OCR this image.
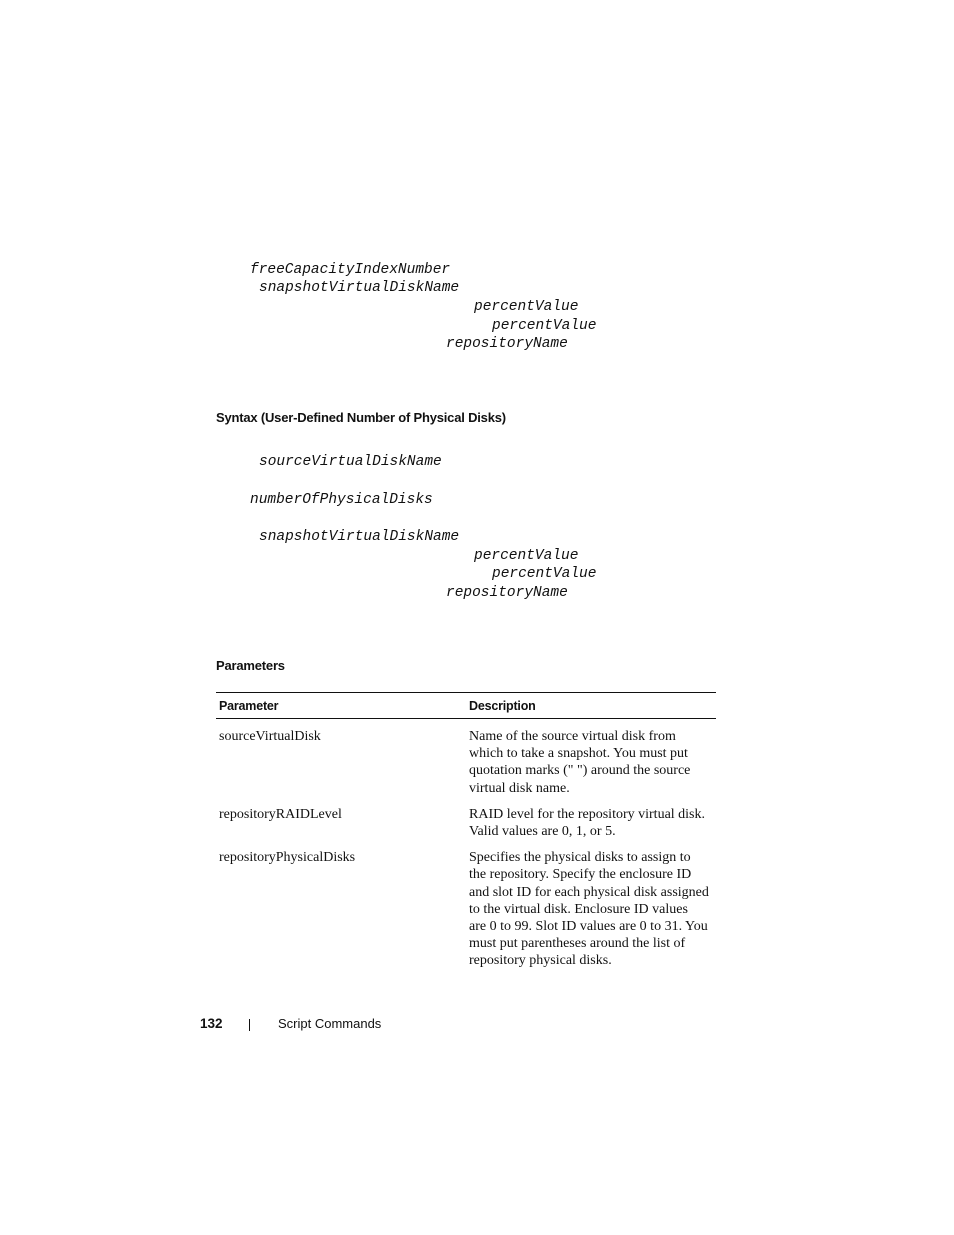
freeCapacityIndexNumber
snapshotVirtualDiskName
percentValue
percentValue
repositoryName
Syntax (User-Defined Number of Physical Disks)
sourceVirtualDiskName
numberOfPhysicalDisks
snapshotVirtualDiskName
percentValue
percentValue
repositoryName
Parameters
Parameter	Description
sourceVirtualDisk	Name of the source virtual disk from
which to take a snapshot. You must put
quotation marks (" ") around the source
virtual disk name.
repositoryRAIDLevel	RAID level for the repository virtual disk.
Valid values are 0, 1, or 5.
repositoryPhysicalDisks	Specifies the physical disks to assign to
the repository. Specify the enclosure ID
and slot ID for each physical disk assigned
to the virtual disk. Enclosure ID values
are 0 to 99. Slot ID values are 0 to 31. You
must put parentheses around the list of
repository physical disks.
132	Script Commands
